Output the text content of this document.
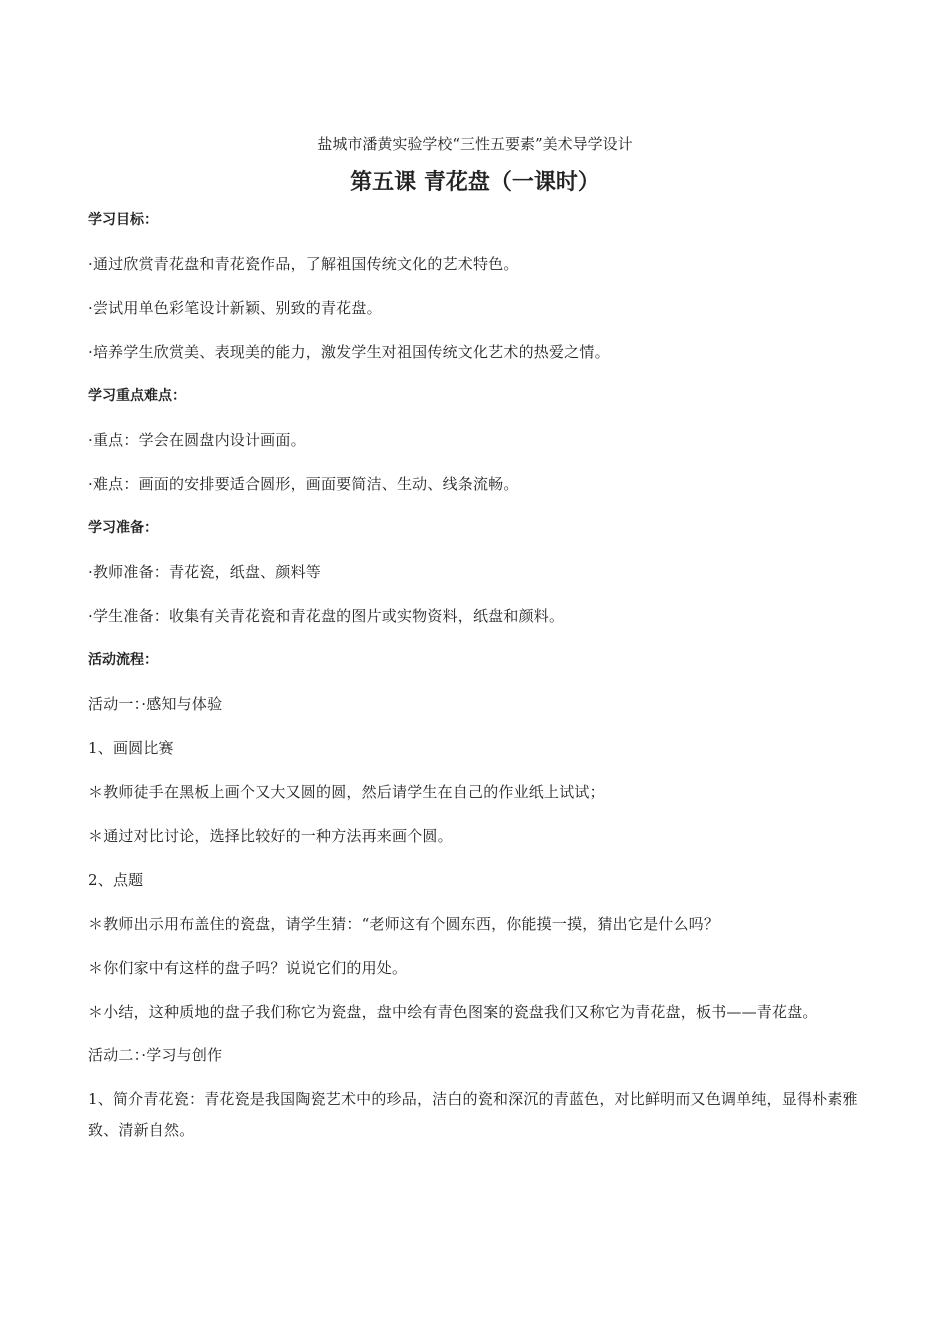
盐城市潘黄实验学校“三性五要素”美术导学设计

第五课 青花盘（一课时）

学习目标：

·通过欣赏青花盘和青花瓷作品，了解祖国传统文化的艺术特色。

·尝试用单色彩笔设计新颖、别致的青花盘。

·培养学生欣赏美、表现美的能力，激发学生对祖国传统文化艺术的热爱之情。

学习重点难点：

·重点：学会在圆盘内设计画面。

·难点：画面的安排要适合圆形，画面要简洁、生动、线条流畅。

学习准备：

·教师准备：青花瓷，纸盘、颜料等

·学生准备：收集有关青花瓷和青花盘的图片或实物资料，纸盘和颜料。

活动流程：

活动一：·感知与体验

1、画圆比赛

＊教师徒手在黑板上画个又大又圆的圆，然后请学生在自己的作业纸上试试；

＊通过对比讨论，选择比较好的一种方法再来画个圆。

2、点题

＊教师出示用布盖住的瓷盘，请学生猜：“老师这有个圆东西，你能摸一摸，猜出它是什么吗？

＊你们家中有这样的盘子吗？说说它们的用处。

＊小结，这种质地的盘子我们称它为瓷盘，盘中绘有青色图案的瓷盘我们又称它为青花盘，板书——青花盘。

活动二：·学习与创作

1、简介青花瓷：青花瓷是我国陶瓷艺术中的珍品，洁白的瓷和深沉的青蓝色，对比鲜明而又色调单纯，显得朴素雅致、清新自然。
